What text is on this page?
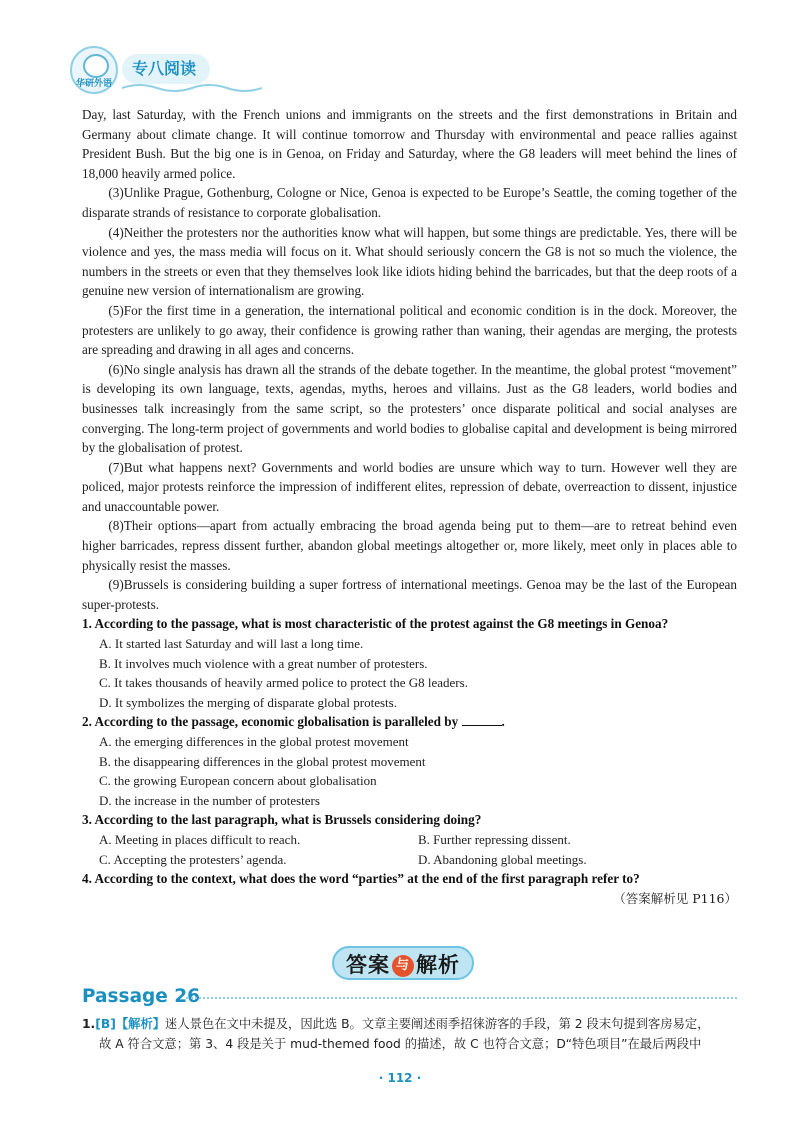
华研外语
专八阅读

Day, last Saturday, with the French unions and immigrants on the streets and the first demonstrations in Britain and Germany about climate change. It will continue tomorrow and Thursday with environmental and peace rallies against President Bush. But the big one is in Genoa, on Friday and Saturday, where the G8 leaders will meet behind the lines of 18,000 heavily armed police.

(3)Unlike Prague, Gothenburg, Cologne or Nice, Genoa is expected to be Europe’s Seattle, the coming together of the disparate strands of resistance to corporate globalisation.

(4)Neither the protesters nor the authorities know what will happen, but some things are predictable. Yes, there will be violence and yes, the mass media will focus on it. What should seriously concern the G8 is not so much the violence, the numbers in the streets or even that they themselves look like idiots hiding behind the barricades, but that the deep roots of a genuine new version of internationalism are growing.

(5)For the first time in a generation, the international political and economic condition is in the dock. Moreover, the protesters are unlikely to go away, their confidence is growing rather than waning, their agendas are merging, the protests are spreading and drawing in all ages and concerns.

(6)No single analysis has drawn all the strands of the debate together. In the meantime, the global protest “movement” is developing its own language, texts, agendas, myths, heroes and villains. Just as the G8 leaders, world bodies and businesses talk increasingly from the same script, so the protesters’ once disparate political and social analyses are converging. The long-term project of governments and world bodies to globalise capital and development is being mirrored by the globalisation of protest.

(7)But what happens next? Governments and world bodies are unsure which way to turn. However well they are policed, major protests reinforce the impression of indifferent elites, repression of debate, overreaction to dissent, injustice and unaccountable power.

(8)Their options—apart from actually embracing the broad agenda being put to them—are to retreat behind even higher barricades, repress dissent further, abandon global meetings altogether or, more likely, meet only in places able to physically resist the masses.

(9)Brussels is considering building a super fortress of international meetings. Genoa may be the last of the European super-protests.

1. According to the passage, what is most characteristic of the protest against the G8 meetings in Genoa?

A. It started last Saturday and will last a long time.

B. It involves much violence with a great number of protesters.

C. It takes thousands of heavily armed police to protect the G8 leaders.

D. It symbolizes the merging of disparate global protests.

2. According to the passage, economic globalisation is paralleled by	.

A. the emerging differences in the global protest movement

B. the disappearing differences in the global protest movement

C. the growing European concern about globalisation

D. the increase in the number of protesters

3. According to the last paragraph, what is Brussels considering doing?

A. Meeting in places difficult to reach.	B. Further repressing dissent.
C. Accepting the protesters’ agenda.	D. Abandoning global meetings.

4. According to the context, what does the word “parties” at the end of the first paragraph refer to?

（答案解析见 P116）
答案 与 解析
Passage 26

1.[B]【解析】迷人景色在文中未提及，因此选 B。文章主要阐述雨季招徕游客的手段，第 2 段末句提到客房易定，

故 A 符合文意；第 3、4 段是关于 mud-themed food 的描述，故 C 也符合文意；D“特色项目”在最后两段中

· 112 ·
